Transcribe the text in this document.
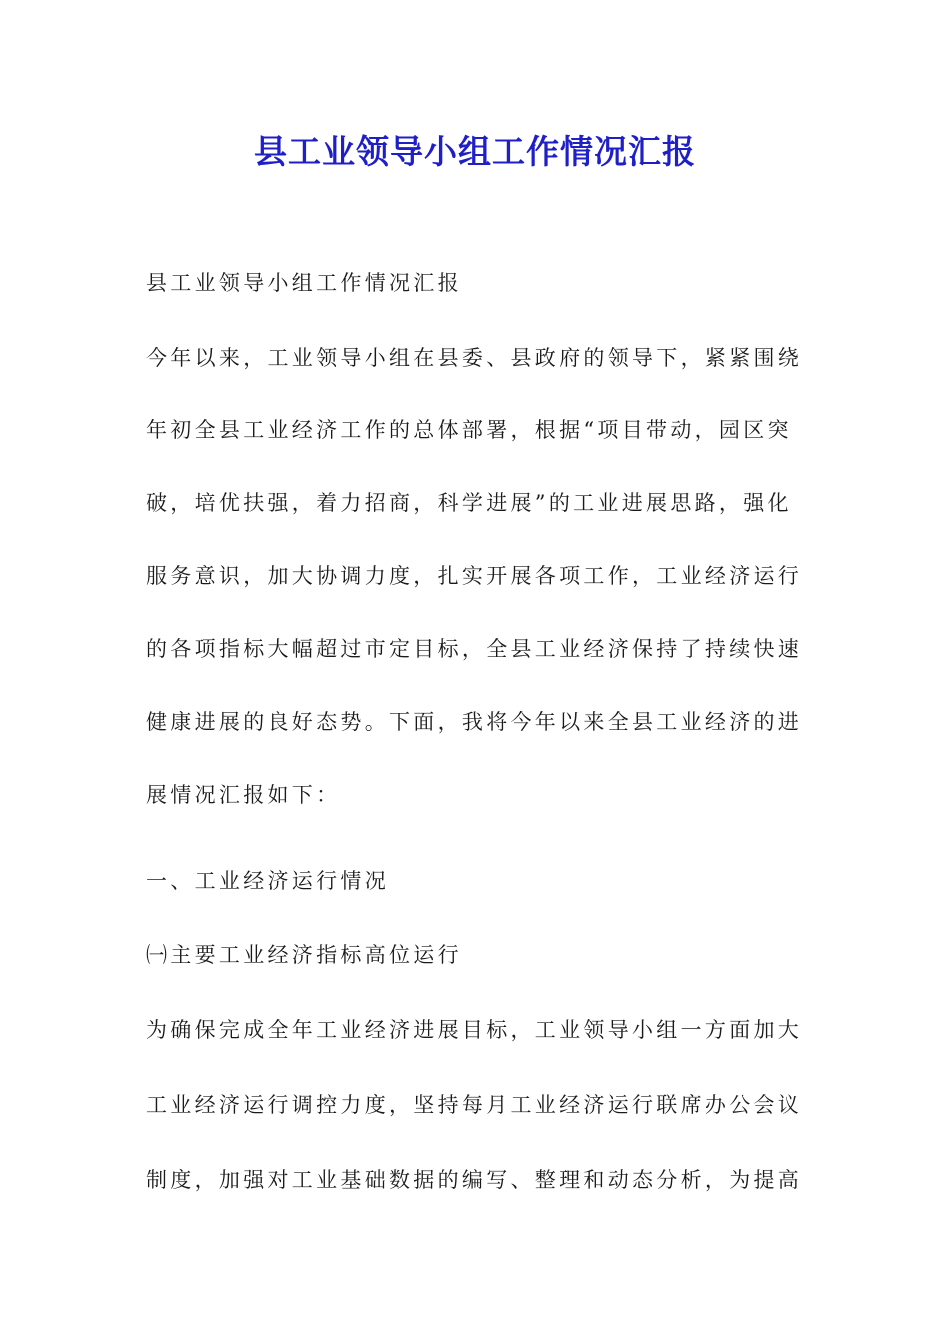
县工业领导小组工作情况汇报
县工业领导小组工作情况汇报
今年以来，工业领导小组在县委、县政府的领导下，紧紧围绕
年初全县工业经济工作的总体部署，根据“项目带动，园区突
破，培优扶强，着力招商，科学进展”的工业进展思路，强化
服务意识，加大协调力度，扎实开展各项工作，工业经济运行
的各项指标大幅超过市定目标，全县工业经济保持了持续快速
健康进展的良好态势。下面，我将今年以来全县工业经济的进
展情况汇报如下：
一、工业经济运行情况
㈠主要工业经济指标高位运行
为确保完成全年工业经济进展目标，工业领导小组一方面加大
工业经济运行调控力度，坚持每月工业经济运行联席办公会议
制度，加强对工业基础数据的编写、整理和动态分析，为提高
